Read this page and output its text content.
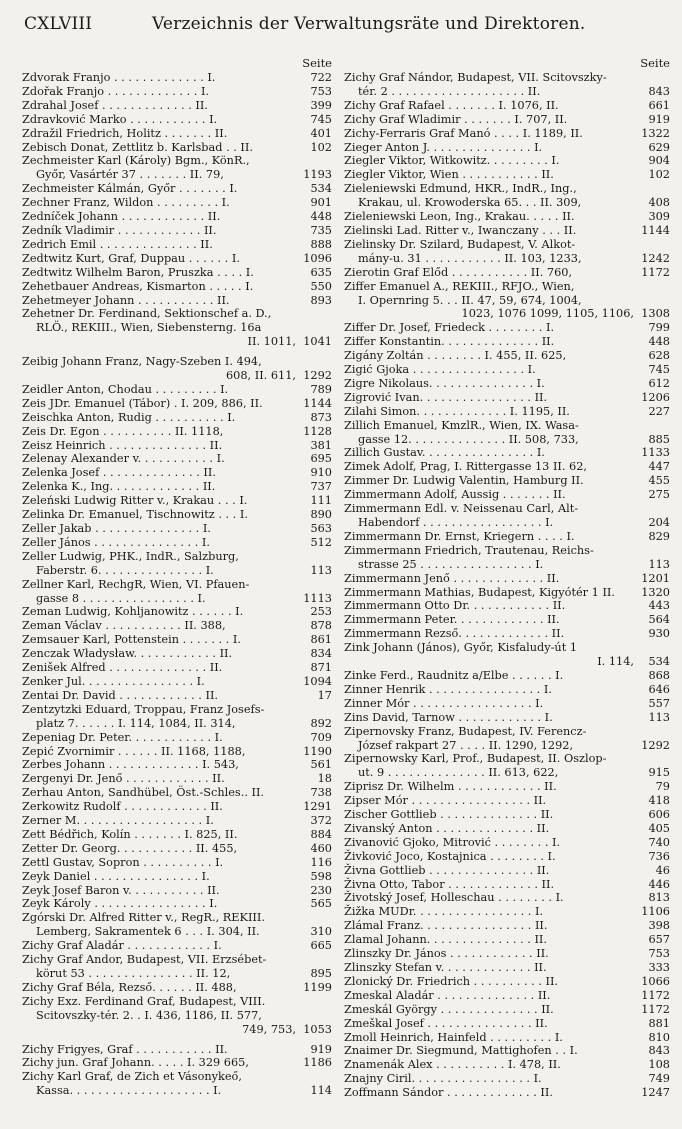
CXLVIII	Verzeichnis der Verwaltungsräte und Direktoren.
Seite
Zdvorak Franjo . . . . . . . . . . . . . I.	722
Zdořak Franjo . . . . . . . . . . . . . I.	753
Zdrahal Josef . . . . . . . . . . . . . II.	399
Zdravković Marko . . . . . . . . . . . I.	745
Zdražil Friedrich, Holitz . . . . . . . II.	401
Zebisch Donat, Zettlitz b. Karlsbad . . II.	102
Zechmeister Karl (Károly) Bgm., KönR.,
Győr, Vasártér 37 . . . . . . . II. 79,	1193
Zechmeister Kálmán, Győr . . . . . . . I.	534
Zechner Franz, Wildon . . . . . . . . . I.	901
Zedníček Johann . . . . . . . . . . . . II.	448
Zedník Vladimir . . . . . . . . . . . . II.	735
Zedrich Emil . . . . . . . . . . . . . . II.	888
Zedtwitz Kurt, Graf, Duppau . . . . . . I.	1096
Zedtwitz Wilhelm Baron, Pruszka . . . . I.	635
Zehetbauer Andreas, Kismarton . . . . . I.	550
Zehetmeyer Johann . . . . . . . . . . . II.	893
Zehetner Dr. Ferdinand, Sektionschef a. D.,
RLÖ., REKIII., Wien, Siebensterng. 16a
II. 1011, 1041
Zeibig Johann Franz, Nagy-Szeben I. 494,
608, II. 611, 1292
Zeidler Anton, Chodau . . . . . . . . . I.	789
Zeis JDr. Emanuel (Tábor) . I. 209, 886, II.	1144
Zeischka Anton, Rudig . . . . . . . . . . I.	873
Zeis Dr. Egon . . . . . . . . . . II. 1118,	1128
Zeisz Heinrich . . . . . . . . . . . . . . II.	381
Zelenay Alexander v. . . . . . . . . . . I.	695
Zelenka Josef . . . . . . . . . . . . . . II.	910
Zelenka K., Ing. . . . . . . . . . . . . II.	737
Zeleński Ludwig Ritter v., Krakau . . . I.	111
Zelinka Dr. Emanuel, Tischnowitz . . . I.	890
Zeller Jakab . . . . . . . . . . . . . . . I.	563
Zeller János . . . . . . . . . . . . . . . I.	512
Zeller Ludwig, PHK., IndR., Salzburg,
Faberstr. 6. . . . . . . . . . . . . . . I.	113
Zellner Karl, RechgR, Wien, VI. Pfauen-
gasse 8 . . . . . . . . . . . . . . . . I.	1113
Zeman Ludwig, Kohljanowitz . . . . . . I.	253
Zeman Václav . . . . . . . . . . . II. 388,	878
Zemsauer Karl, Pottenstein . . . . . . . I.	861
Zenczak Władysław. . . . . . . . . . . . II.	834
Zenišek Alfred . . . . . . . . . . . . . . II.	871
Zenker Jul. . . . . . . . . . . . . . . . I.	1094
Zentai Dr. David . . . . . . . . . . . . II.	17
Zentzytzki Eduard, Troppau, Franz Josefs-
platz 7. . . . . . I. 114, 1084, II. 314,	892
Zepeniag Dr. Peter. . . . . . . . . . . . I.	709
Zepić Zvornimir . . . . . . II. 1168, 1188,	1190
Zerbes Johann . . . . . . . . . . . . . I. 543,	561
Zergenyi Dr. Jenő . . . . . . . . . . . . II.	18
Zerhau Anton, Sandhübel, Öst.-Schles.. II.	738
Zerkowitz Rudolf . . . . . . . . . . . . II.	1291
Zerner M. . . . . . . . . . . . . . . . . . I.	372
Zett Bédřich, Kolín . . . . . . . I. 825, II.	884
Zetter Dr. Georg. . . . . . . . . . . II. 455,	460
Zettl Gustav, Sopron . . . . . . . . . . I.	116
Zeyk Daniel . . . . . . . . . . . . . . . I.	598
Zeyk Josef Baron v. . . . . . . . . . . II.	230
Zeyk Károly . . . . . . . . . . . . . . . . I.	565
Zgórski Dr. Alfred Ritter v., RegR., REKIII.
Lemberg, Sakramentek 6 . . . I. 304, II.	310
Zichy Graf Aladár . . . . . . . . . . . . I.	665
Zichy Graf Andor, Budapest, VII. Erzsébet-
körut 53 . . . . . . . . . . . . . . . II. 12,	895
Zichy Graf Béla, Rezső. . . . . . II. 488,	1199
Zichy Exz. Ferdinand Graf, Budapest, VIII.
Scitovszky-tér. 2. . I. 436, 1186, II. 577,
749, 753, 1053
Zichy Frigyes, Graf . . . . . . . . . . . II.	919
Zichy jun. Graf Johann. . . . . I. 329 665,	1186
Zichy Karl Graf, de Zich et Vásonykeő,
Kassa. . . . . . . . . . . . . . . . . . . . I.	114
Seite
Zichy Graf Nándor, Budapest, VII. Scitovszky-
tér. 2 . . . . . . . . . . . . . . . . . . . II.	843
Zichy Graf Rafael . . . . . . . I. 1076, II.	661
Zichy Graf Wladimir . . . . . . . I. 707, II.	919
Zichy-Ferraris Graf Manó . . . . I. 1189, II.	1322
Zieger Anton J. . . . . . . . . . . . . . . I.	629
Ziegler Viktor, Witkowitz. . . . . . . . . I.	904
Ziegler Viktor, Wien . . . . . . . . . . . II.	102
Zieleniewski Edmund, HKR., IndR., Ing.,
Krakau, ul. Krowoderska 65. . . II. 309,	408
Zieleniewski Leon, Ing., Krakau. . . . . II.	309
Zielinski Lad. Ritter v., Iwanczany . . . II.	1144
Zielinsky Dr. Szilard, Budapest, V. Alkot-
mány-u. 31 . . . . . . . . . . . II. 103, 1233,	1242
Zierotin Graf Előd . . . . . . . . . . . II. 760,	1172
Ziffer Emanuel A., REKIII., RFJO., Wien,
I. Opernring 5. . . II. 47, 59, 674, 1004,
1023, 1076 1099, 1105, 1106, 1308
Ziffer Dr. Josef, Friedeck . . . . . . . . I.	799
Ziffer Konstantin. . . . . . . . . . . . . . II.	448
Zigány Zoltán . . . . . . . . I. 455, II. 625,	628
Zigić Gjoka . . . . . . . . . . . . . . . . I.	745
Zigre Nikolaus. . . . . . . . . . . . . . . I.	612
Zigrović Ivan. . . . . . . . . . . . . . . . II.	1206
Zilahi Simon. . . . . . . . . . . . . I. 1195, II.	227
Zillich Emanuel, KmzlR., Wien, IX. Wasa-
gasse 12. . . . . . . . . . . . . . II. 508, 733,	885
Zillich Gustav. . . . . . . . . . . . . . . . I.	1133
Zimek Adolf, Prag, I. Rittergasse 13 II. 62,	447
Zimmer Dr. Ludwig Valentin, Hamburg II.	455
Zimmermann Adolf, Aussig . . . . . . . II.	275
Zimmermann Edl. v. Neissenau Carl, Alt-
Habendorf . . . . . . . . . . . . . . . . . I.	204
Zimmermann Dr. Ernst, Kriegern . . . . I.	829
Zimmermann Friedrich, Trautenau, Reichs-
strasse 25 . . . . . . . . . . . . . . . . I.	113
Zimmermann Jenő . . . . . . . . . . . . . II.	1201
Zimmermann Mathias, Budapest, Kigyótér 1 II. 1320
Zimmermann Otto Dr. . . . . . . . . . . . II.	443
Zimmermann Peter. . . . . . . . . . . . . II.	564
Zimmermann Rezső. . . . . . . . . . . . . II.	930
Zink Johann (János), Győr, Kisfaludy-út 1
I. 114, 534
Zinke Ferd., Raudnitz a/Elbe . . . . . . I.	868
Zinner Henrik . . . . . . . . . . . . . . . . I.	646
Zinner Mór . . . . . . . . . . . . . . . . . I.	557
Zins David, Tarnow . . . . . . . . . . . . I.	113
Zipernovsky Franz, Budapest, IV. Ferencz-
József rakpart 27 . . . . II. 1290, 1292,	1292
Zipernowsky Karl, Prof., Budapest, II. Oszlop-
ut. 9 . . . . . . . . . . . . . . II. 613, 622,	915
Ziprisz Dr. Wilhelm . . . . . . . . . . . . II.	79
Zipser Mór . . . . . . . . . . . . . . . . . II.	418
Zischer Gottlieb . . . . . . . . . . . . . . II.	606
Zivanský Anton . . . . . . . . . . . . . . II.	405
Zivanović Gjoko, Mitrović . . . . . . . . I.	740
Živković Joco, Kostajnica . . . . . . . . I.	736
Živna Gottlieb . . . . . . . . . . . . . . . II.	46
Živna Otto, Tabor . . . . . . . . . . . . . II.	446
Životský Josef, Holleschau . . . . . . . . I.	813
Žižka MUDr. . . . . . . . . . . . . . . . . I.	1106
Zlámal Franz. . . . . . . . . . . . . . . . II.	398
Zlamal Johann. . . . . . . . . . . . . . . II.	657
Zlinszky Dr. János . . . . . . . . . . . . II.	753
Zlinszky Stefan v. . . . . . . . . . . . . II.	333
Zlonický Dr. Friedrich . . . . . . . . . . II.	1066
Zmeskal Aladár . . . . . . . . . . . . . . II.	1172
Zmeskál György . . . . . . . . . . . . . . II.	1172
Zmeškal Josef . . . . . . . . . . . . . . . II.	881
Zmoll Heinrich, Hainfeld . . . . . . . . . I.	810
Znaimer Dr. Siegmund, Mattighofen . . I.	843
Znamenák Alex . . . . . . . . . . I. 478, II.	108
Znajny Ciril. . . . . . . . . . . . . . . . . I.	749
Zoffmann Sándor . . . . . . . . . . . . . II.	1247
